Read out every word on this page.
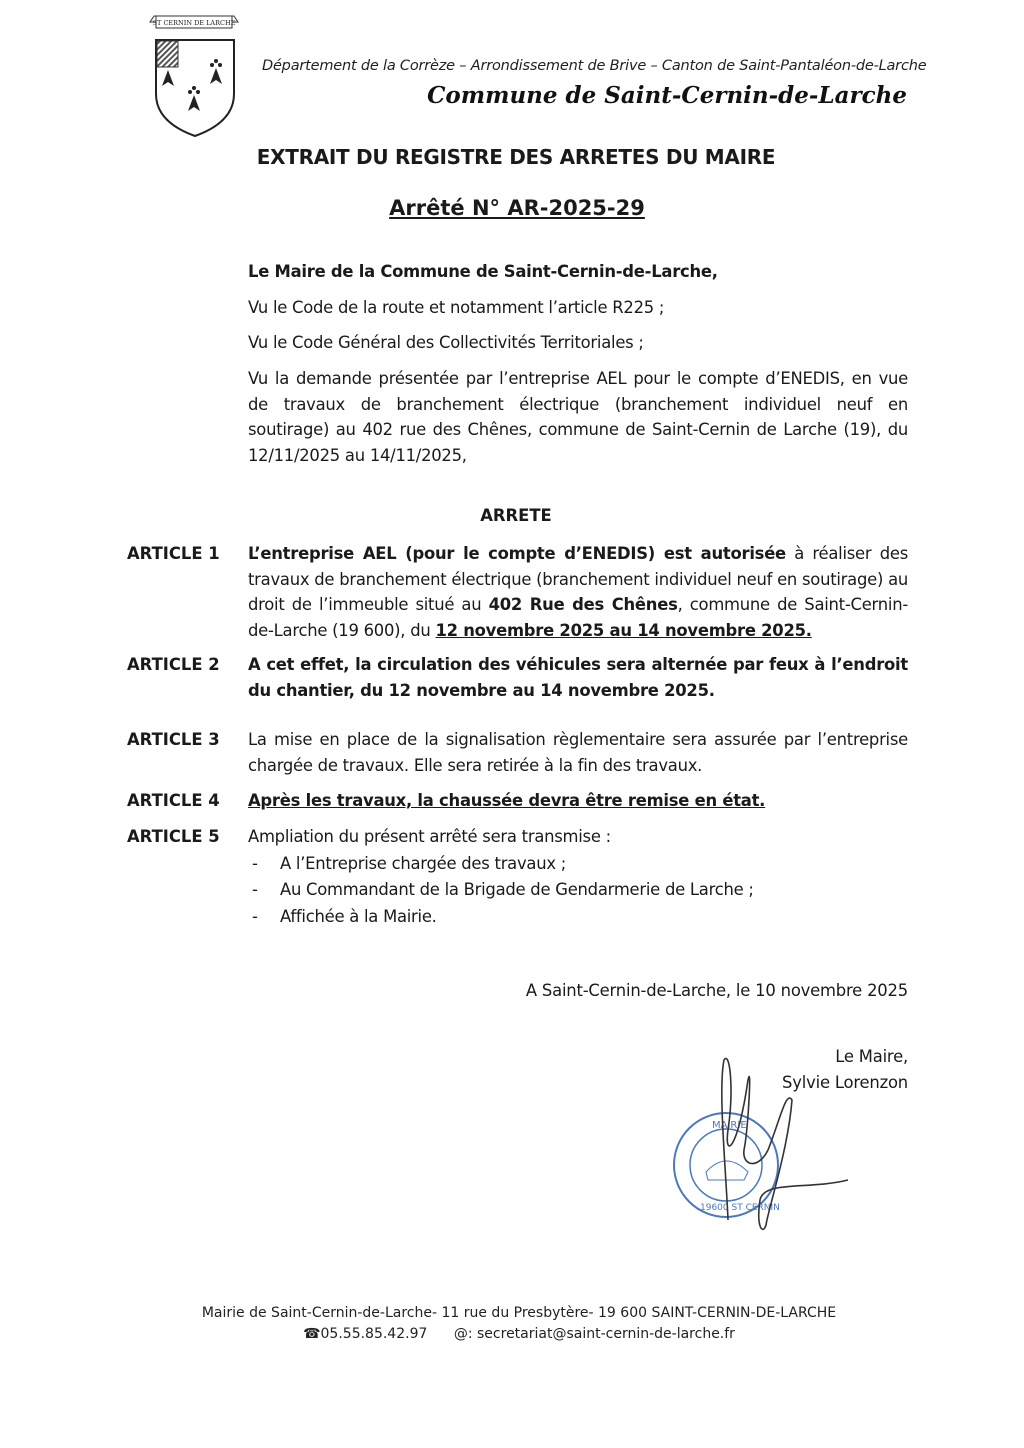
ST CERNIN DE LARCHE
Département de la Corrèze – Arrondissement de Brive – Canton de Saint-Pantaléon-de-Larche
Commune de Saint-Cernin-de-Larche
EXTRAIT DU REGISTRE DES ARRETES DU MAIRE
Arrêté N° AR-2025-29
Le Maire de la Commune de Saint-Cernin-de-Larche,
Vu le Code de la route et notamment l’article R225 ;
Vu le Code Général des Collectivités Territoriales ;
Vu la demande présentée par l’entreprise AEL pour le compte d’ENEDIS, en vue de travaux de branchement électrique (branchement individuel neuf en soutirage) au 402 rue des Chênes, commune de Saint-Cernin de Larche (19), du 12/11/2025 au 14/11/2025,
ARRETE
ARTICLE 1 L’entreprise AEL (pour le compte d’ENEDIS) est autorisée à réaliser des travaux de branchement électrique (branchement individuel neuf en soutirage) au droit de l’immeuble situé au 402 Rue des Chênes, commune de Saint-Cernin-de-Larche (19 600), du 12 novembre 2025 au 14 novembre 2025.
ARTICLE 2 A cet effet, la circulation des véhicules sera alternée par feux à l’endroit du chantier, du 12 novembre au 14 novembre 2025.
ARTICLE 3 La mise en place de la signalisation règlementaire sera assurée par l’entreprise chargée de travaux. Elle sera retirée à la fin des travaux.
ARTICLE 4 Après les travaux, la chaussée devra être remise en état.
ARTICLE 5 Ampliation du présent arrêté sera transmise :
- A l’Entreprise chargée des travaux ;
- Au Commandant de la Brigade de Gendarmerie de Larche ;
- Affichée à la Mairie.
A Saint-Cernin-de-Larche, le 10 novembre 2025
Le Maire,
Sylvie Lorenzon
MAIRIE
19600 ST CERNIN
Mairie de Saint-Cernin-de-Larche- 11 rue du Presbytère- 19 600 SAINT-CERNIN-DE-LARCHE
☎05.55.85.42.97 @: secretariat@saint-cernin-de-larche.fr
